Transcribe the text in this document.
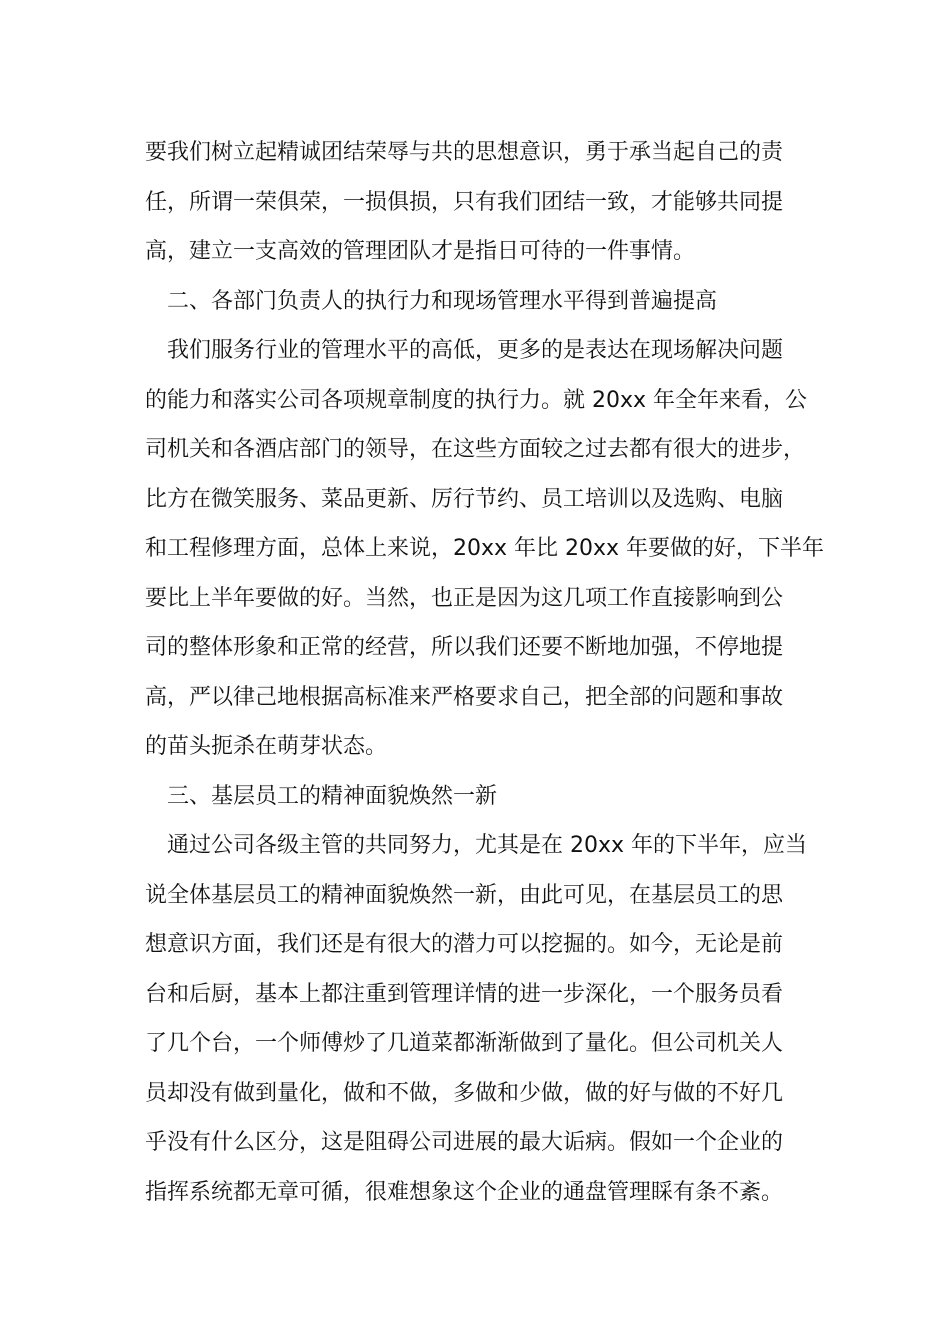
要我们树立起精诚团结荣辱与共的思想意识，勇于承当起自己的责
任，所谓一荣俱荣，一损俱损，只有我们团结一致，才能够共同提
高，建立一支高效的管理团队才是指日可待的一件事情。
二、各部门负责人的执行力和现场管理水平得到普遍提高
我们服务行业的管理水平的高低，更多的是表达在现场解决问题
的能力和落实公司各项规章制度的执行力。就 20xx 年全年来看，公
司机关和各酒店部门的领导，在这些方面较之过去都有很大的进步，
比方在微笑服务、菜品更新、厉行节约、员工培训以及选购、电脑
和工程修理方面，总体上来说，20xx 年比 20xx 年要做的好，下半年
要比上半年要做的好。当然，也正是因为这几项工作直接影响到公
司的整体形象和正常的经营，所以我们还要不断地加强，不停地提
高，严以律己地根据高标准来严格要求自己，把全部的问题和事故
的苗头扼杀在萌芽状态。
三、基层员工的精神面貌焕然一新
通过公司各级主管的共同努力，尤其是在 20xx 年的下半年，应当
说全体基层员工的精神面貌焕然一新，由此可见，在基层员工的思
想意识方面，我们还是有很大的潜力可以挖掘的。如今，无论是前
台和后厨，基本上都注重到管理详情的进一步深化，一个服务员看
了几个台，一个师傅炒了几道菜都渐渐做到了量化。但公司机关人
员却没有做到量化，做和不做，多做和少做，做的好与做的不好几
乎没有什么区分，这是阻碍公司进展的最大诟病。假如一个企业的
指挥系统都无章可循，很难想象这个企业的通盘管理睬有条不紊。
